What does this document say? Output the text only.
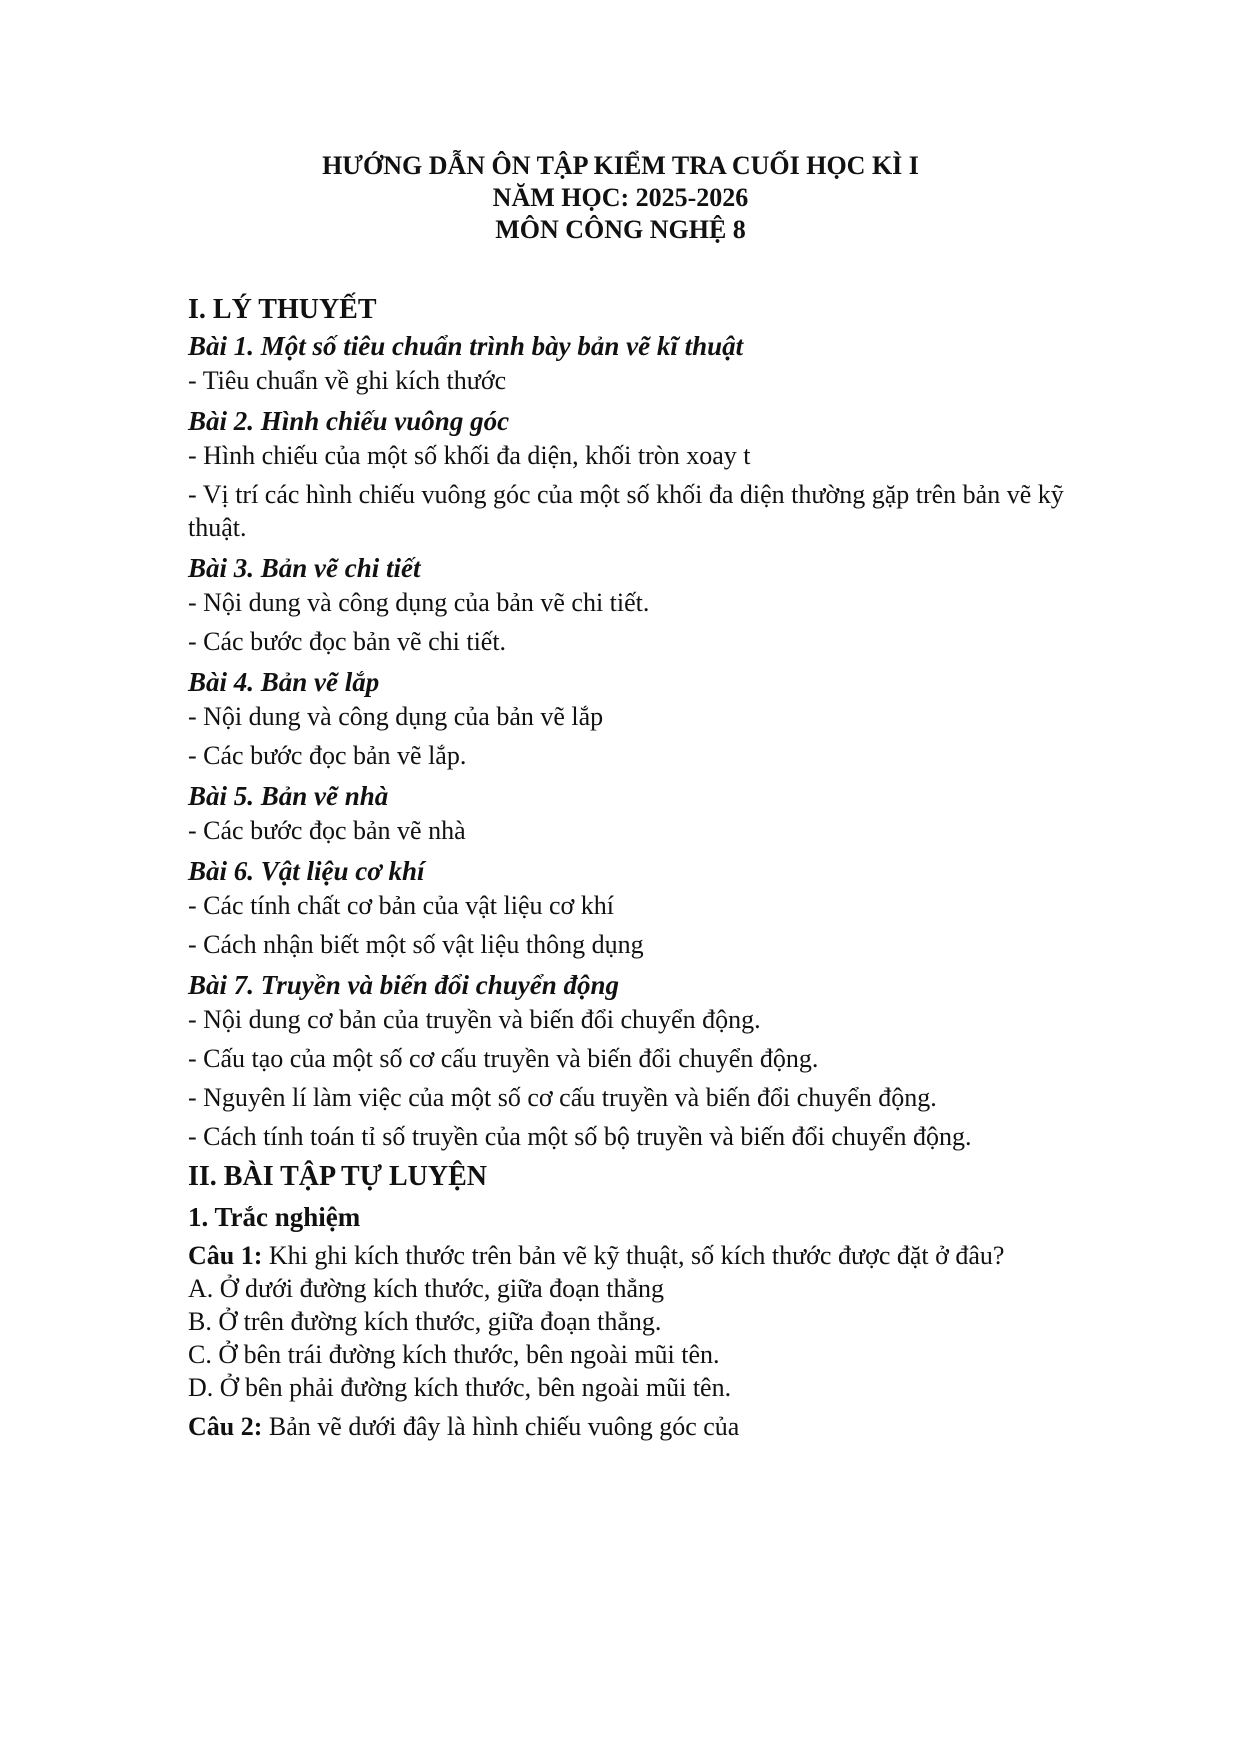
HƯỚNG DẪN ÔN TẬP KIỂM TRA CUỐI HỌC KÌ I
NĂM HỌC: 2025-2026
MÔN CÔNG NGHỆ 8

I. LÝ THUYẾT

Bài 1. Một số tiêu chuẩn trình bày bản vẽ kĩ thuật

- Tiêu chuẩn về ghi kích thước

Bài 2. Hình chiếu vuông góc

- Hình chiếu của một số khối đa diện, khối tròn xoay t

- Vị trí các hình chiếu vuông góc của một số khối đa diện thường gặp trên bản vẽ kỹ thuật.

Bài 3. Bản vẽ chi tiết

- Nội dung và công dụng của bản vẽ chi tiết.

- Các bước đọc bản vẽ chi tiết.

Bài 4. Bản vẽ lắp

- Nội dung và công dụng của bản vẽ lắp

- Các bước đọc bản vẽ lắp.

Bài 5. Bản vẽ nhà

- Các bước đọc bản vẽ nhà

Bài 6. Vật liệu cơ khí

- Các tính chất cơ bản của vật liệu cơ khí

- Cách nhận biết một số vật liệu thông dụng

Bài 7. Truyền và biến đổi chuyển động

- Nội dung cơ bản của truyền và biến đổi chuyển động.

- Cấu tạo của một số cơ cấu truyền và biến đổi chuyển động.

- Nguyên lí làm việc của một số cơ cấu truyền và biến đổi chuyển động.

- Cách tính toán tỉ số truyền của một số bộ truyền và biến đổi chuyển động.

II. BÀI TẬP TỰ LUYỆN

1. Trắc nghiệm

Câu 1: Khi ghi kích thước trên bản vẽ kỹ thuật, số kích thước được đặt ở đâu?

A. Ở dưới đường kích thước, giữa đoạn thẳng

B. Ở trên đường kích thước, giữa đoạn thẳng.

C. Ở bên trái đường kích thước, bên ngoài mũi tên.

D. Ở bên phải đường kích thước, bên ngoài mũi tên.

Câu 2: Bản vẽ dưới đây là hình chiếu vuông góc của
